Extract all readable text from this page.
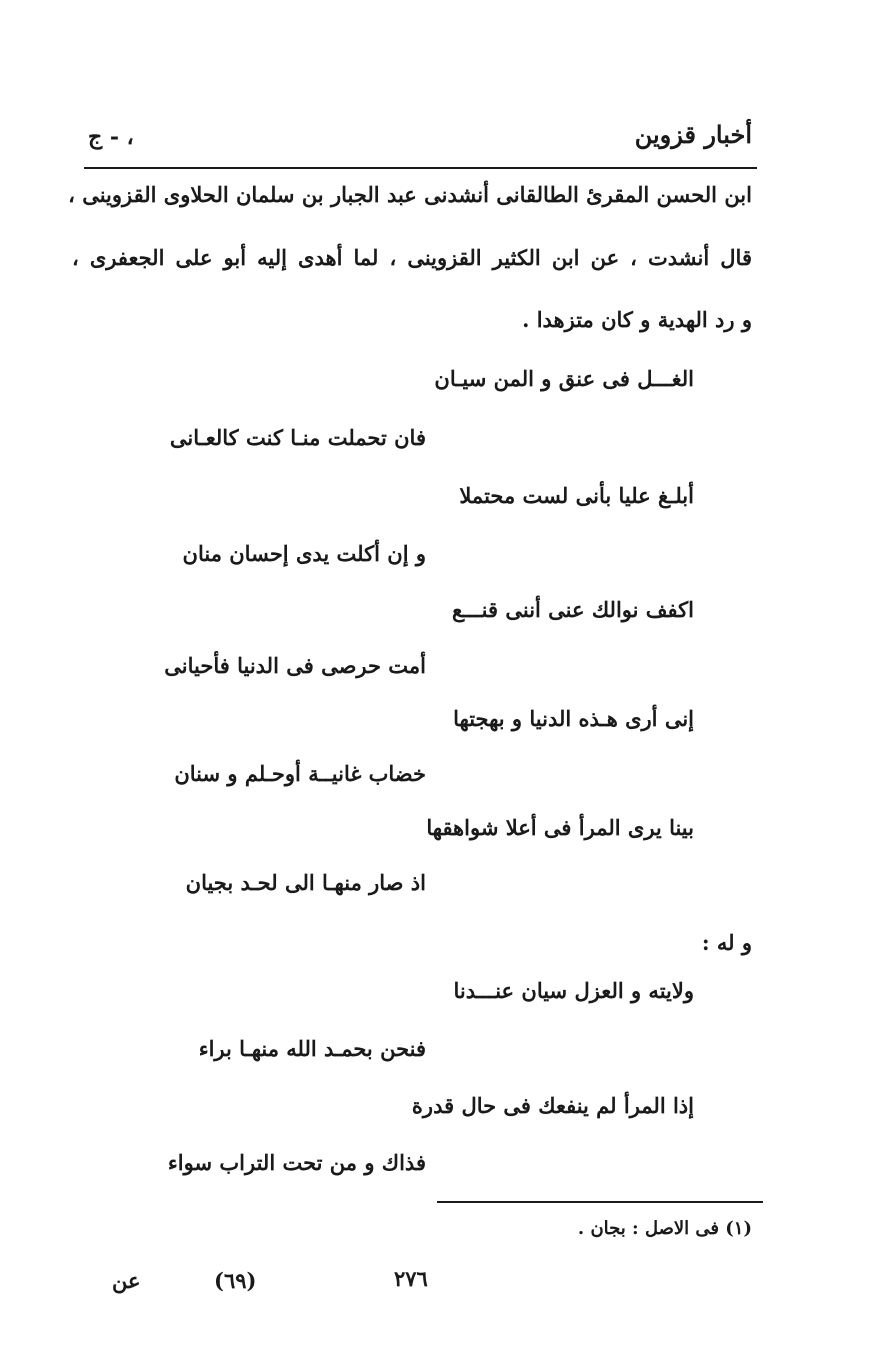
أخبار قزوين
ج - ،
ابن الحسن المقرئ الطالقانى أنشدنى عبد الجبار بن سلمان الحلاوى القزوينى ،
قال أنشدت ، عن ابن الكثير القزوينى ، لما أهدى إليه أبو على الجعفرى ،
و رد الهدية و كان متزهدا .
الغـــل فى عنق و المن سيـان
فان تحملت منـا كنت كالعـانى
أبلـغ عليا بأنى لست محتملا
و إن أكلت يدى إحسان منان
اكفف نوالك عنى أننى قنـــع
أمت حرصى فى الدنيا فأحيانى
إنى أرى هـذه الدنيا و بهجتها
خضاب غانيــة أوحـلم و سنان
بينا يرى المرأ فى أعلا شواهقها
اذ صار منهـا الى لحـد بجيان
و له :
ولايته و العزل سيان عنـــدنا
فنحن بحمـد الله منهـا براء
إذا المرأ لم ينفعك فى حال قدرة
فذاك و من تحت التراب سواء
(١) فى الاصل : بجان .
عن	(٦٩)	٢٧٦
